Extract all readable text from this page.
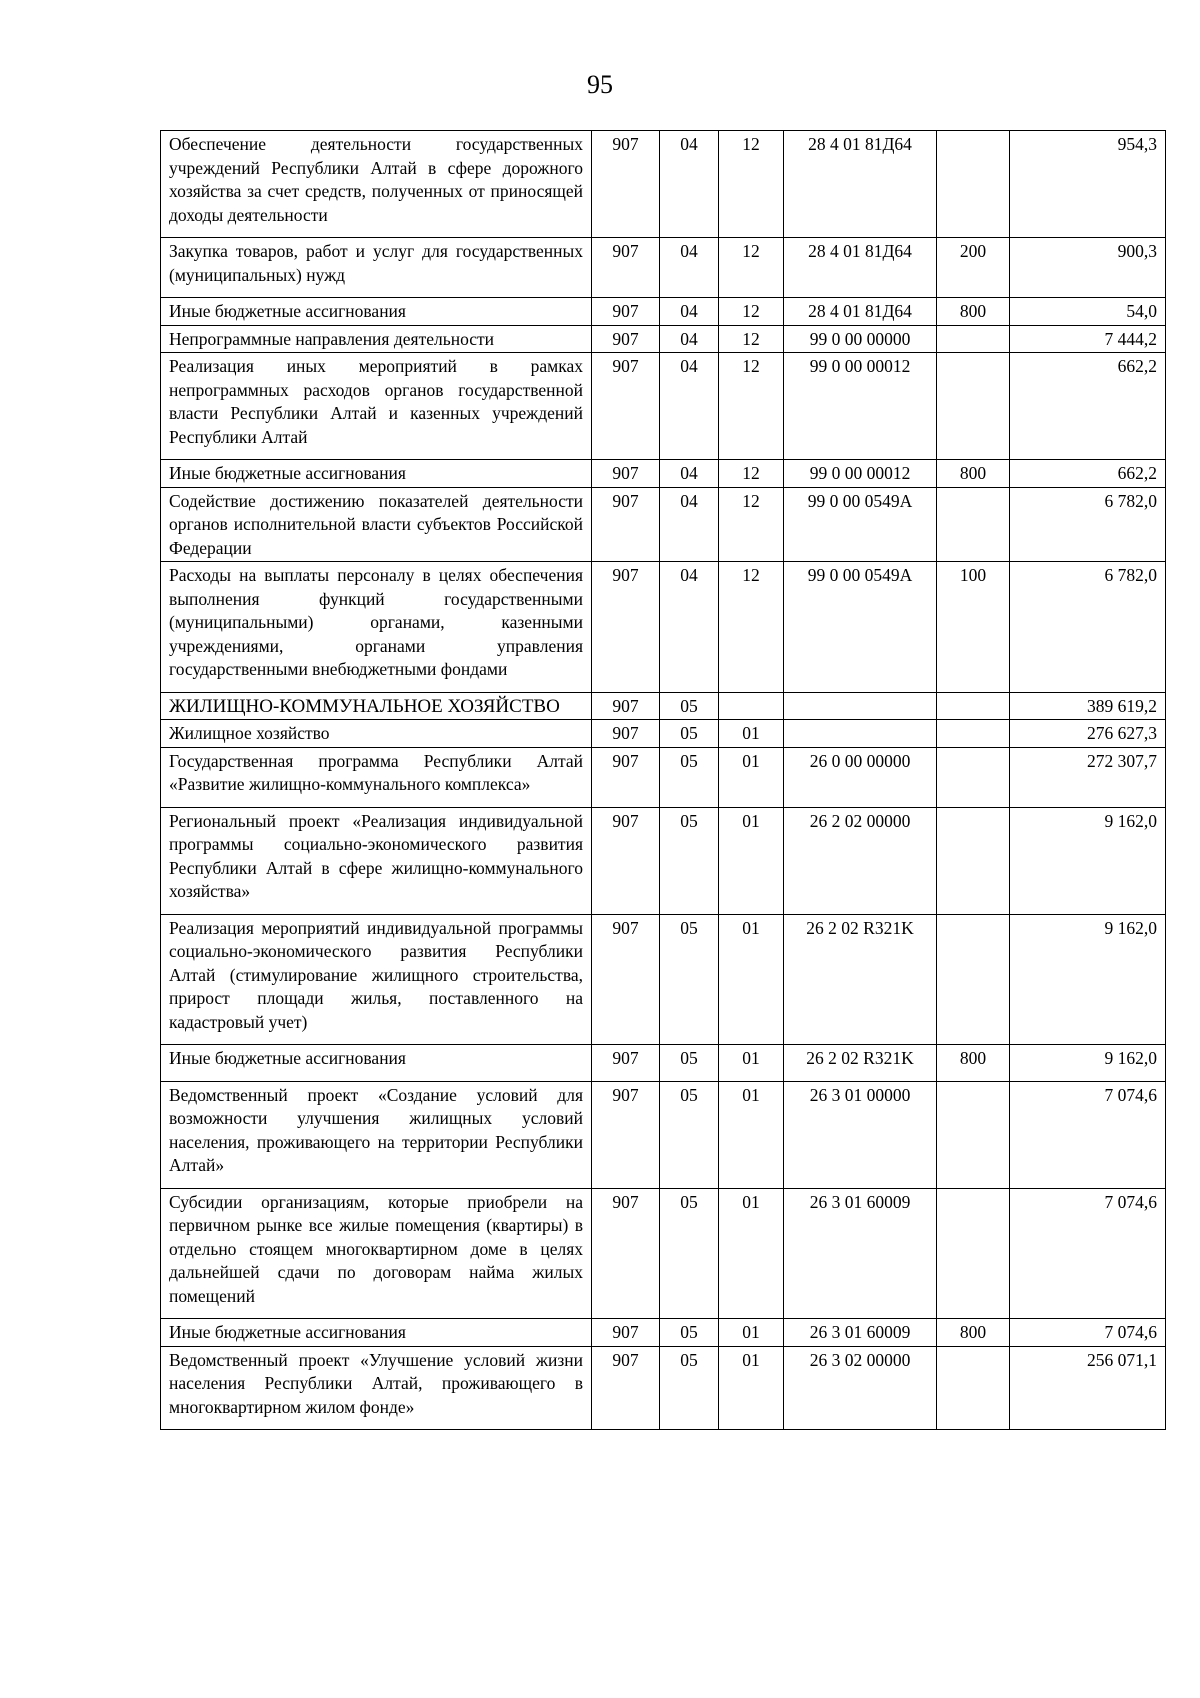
95
Обеспечение деятельности государственных учреждений Республики Алтай в сфере дорожного хозяйства за счет средств, полученных от приносящей доходы деятельности	907	04	12	28 4 01 81Д64		954,3
Закупка товаров, работ и услуг для государственных (муниципальных) нужд	907	04	12	28 4 01 81Д64	200	900,3
Иные бюджетные ассигнования	907	04	12	28 4 01 81Д64	800	54,0
Непрограммные направления деятельности	907	04	12	99 0 00 00000		7 444,2
Реализация иных мероприятий в рамках непрограммных расходов органов государственной власти Республики Алтай и казенных учреждений Республики Алтай	907	04	12	99 0 00 00012		662,2
Иные бюджетные ассигнования	907	04	12	99 0 00 00012	800	662,2
Содействие достижению показателей деятельности органов исполнительной власти субъектов Российской Федерации	907	04	12	99 0 00 0549А		6 782,0
Расходы на выплаты персоналу в целях обеспечения выполнения функций государственными (муниципальными) органами, казенными учреждениями, органами управления государственными внебюджетными фондами	907	04	12	99 0 00 0549А	100	6 782,0
ЖИЛИЩНО-КОММУНАЛЬНОЕ ХОЗЯЙСТВО	907	05				389 619,2
Жилищное хозяйство	907	05	01			276 627,3
Государственная программа Республики Алтай «Развитие жилищно-коммунального комплекса»	907	05	01	26 0 00 00000		272 307,7
Региональный проект «Реализация индивидуальной программы социально-экономического развития Республики Алтай в сфере жилищно-коммунального хозяйства»	907	05	01	26 2 02 00000		9 162,0
Реализация мероприятий индивидуальной программы социально-экономического развития Республики Алтай (стимулирование жилищного строительства, прирост площади жилья, поставленного на кадастровый учет)	907	05	01	26 2 02 R321K		9 162,0
Иные бюджетные ассигнования	907	05	01	26 2 02 R321K	800	9 162,0
Ведомственный проект «Создание условий для возможности улучшения жилищных условий населения, проживающего на территории Республики Алтай»	907	05	01	26 3 01 00000		7 074,6
Субсидии организациям, которые приобрели на первичном рынке все жилые помещения (квартиры) в отдельно стоящем многоквартирном доме в целях дальнейшей сдачи по договорам найма жилых помещений	907	05	01	26 3 01 60009		7 074,6
Иные бюджетные ассигнования	907	05	01	26 3 01 60009	800	7 074,6
Ведомственный проект «Улучшение условий жизни населения Республики Алтай, проживающего в многоквартирном жилом фонде»	907	05	01	26 3 02 00000		256 071,1
